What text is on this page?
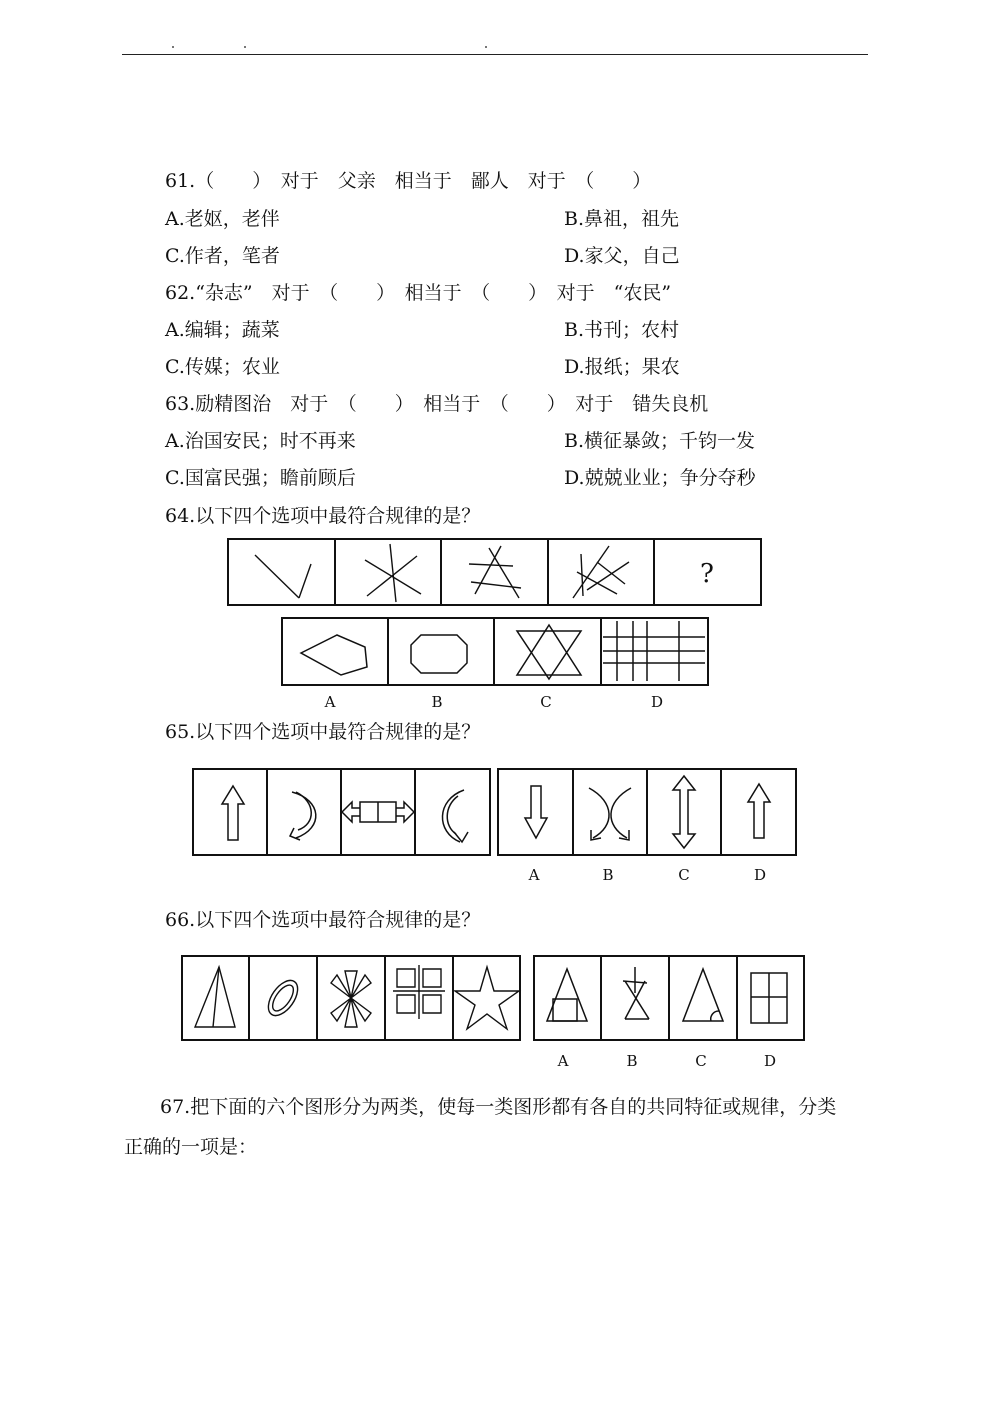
61.（　　）　对于　父亲　相当于　鄙人　对于　（　　）
A.老妪，老伴	B.鼻祖，祖先
C.作者，笔者	D.家父，自己
62.“杂志”　对于　（　　）　相当于　（　　）　对于　“农民”
A.编辑；蔬菜	B.书刊；农村
C.传媒；农业	D.报纸；果农
63.励精图治　对于　（　　）　相当于　（　　）　对于　错失良机
A.治国安民；时不再来	B.横征暴敛；千钧一发
C.国富民强；瞻前顾后	D.兢兢业业；争分夺秒
64.以下四个选项中最符合规律的是？
?
A	B	C	D
65.以下四个选项中最符合规律的是？
A	B	C	D
66.以下四个选项中最符合规律的是？
A	B	C	D
67.把下面的六个图形分为两类，使每一类图形都有各自的共同特征或规律，分类
正确的一项是：
